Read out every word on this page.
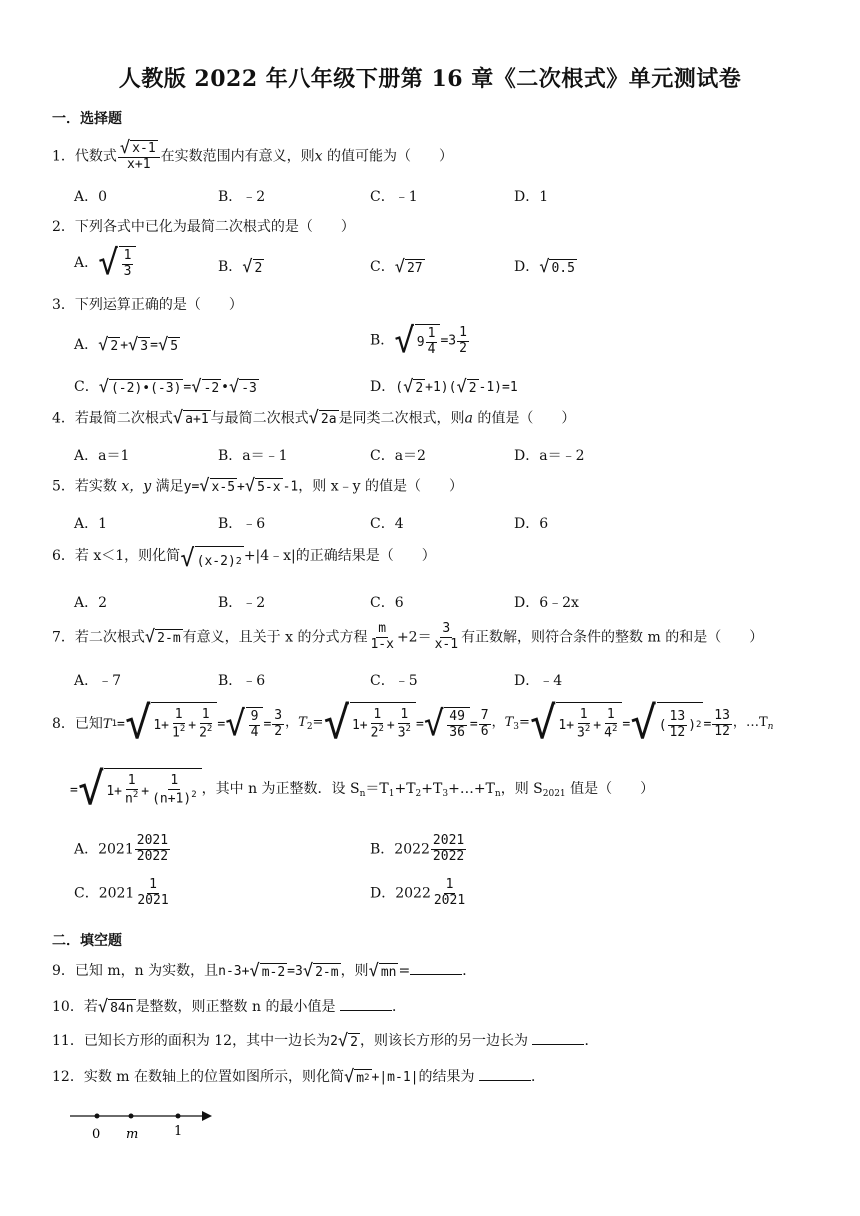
人教版 2022 年八年级下册第 16 章《二次根式》单元测试卷
一．选择题
1．代数式 $\frac{√ x-1}{x+1}$ 在实数范围内有意义，则x 的值可能为（　　）
A．0	B．﹣2	C．﹣1	D．1
2．下列各式中已化为最简二次根式的是（　　）
A． √ $\frac{1}{3}$	B． √ 2	C． √ 27	D． √ 0.5
3．下列运算正确的是（　　）
A． √ 2 + √ 3 = √ 5	B． √ $9 \frac{1}{4} =3 \frac{1}{2}$
C． √ (-2)•(-3) = √ -2 • √ -3	D．( √ 2 +1)( √ 2 -1)=1
4．若最简二次根式 √ a+1 与最简二次根式 √ 2a 是同类二次根式，则a 的值是（　　）
A．a＝1	B．a＝﹣1	C．a＝2	D．a＝﹣2
5．若实数 x，y 满足y= √ x-5 + √ 5-x -1，则 x﹣y 的值是（　　）
A．1	B．﹣6	C．4	D．6
6．若 x＜1，则化简 √ (x-2) 2 +|4﹣x|的正确结果是（　　）
A．2	B．﹣2	C．6	D．6﹣2x
7．若二次根式 √ 2-m 有意义，且关于 x 的分式方程 $\frac{m}{1-x} +2= \frac{3}{x-1}$ 有正数解，则符合条件的整数 m 的和是（　　）
A．﹣7	B．﹣6	C．﹣5	D．﹣4
8． 已知 T 1 = √ $1 + \frac{1}{1^2} + \frac{1}{2^2}$ = √ $\frac{9}{4} = \frac{3}{2}$ ，$T_2=$ √ $1 + \frac{1}{2^2} + \frac{1}{3^2}$ = √ $\frac{49}{36} = \frac{7}{6}$ ，$T_3=$ √ $1 + \frac{1}{3^2} + \frac{1}{4^2}$ = √ ( $\frac{13}{12}$ ) $2 = \frac{13}{12}$ ，$\dots T_n$
= √ $1 + \frac{1}{n^2} + \frac{1}{(n+1)^2}$ ，其中 n 为正整数．设 $S_n=T_1+T_2+T_3+\dots+T_n$，则 $S_{2021}$ 值是（　　）
A．$2021 \frac{2021}{2022}$	B．$2022 \frac{2021}{2022}$
C．$2021 \frac{1}{2021}$	D．$2022 \frac{1}{2021}$
二．填空题
9．已知 m，n 为实数，且n-3+ √ m-2 =3 √ 2-m ，则 √ mn =	．
10．若 √ 84n 是整数，则正整数 n 的最小值是	．
11．已知长方形的面积为 12，其中一边长为2 √ 2 ，则该长方形的另一边长为	．
12．实数 m 在数轴上的位置如图所示，则化简 √ m 2 +|m-1|的结果为	．
0 m	1
